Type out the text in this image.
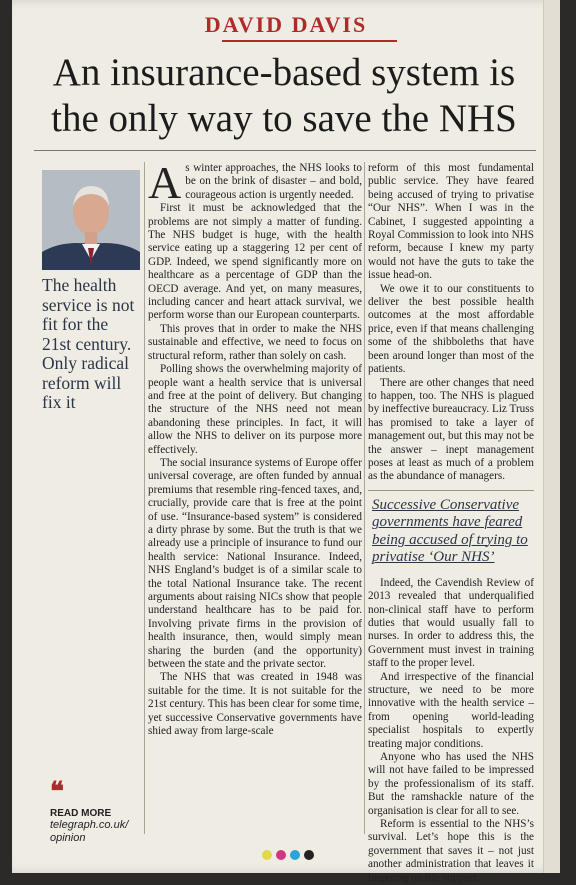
DAVID DAVIS
An insurance-based system is the only way to save the NHS
The health service is not fit for the 21st century. Only radical reform will fix it

As winter approaches, the NHS looks to be on the brink of disaster – and bold, courageous action is urgently needed.

First it must be acknowledged that the problems are not simply a matter of funding. The NHS budget is huge, with the health service eating up a staggering 12 per cent of GDP. Indeed, we spend significantly more on healthcare as a percentage of GDP than the OECD average. And yet, on many measures, including cancer and heart attack survival, we perform worse than our European counterparts.

This proves that in order to make the NHS sustainable and effective, we need to focus on structural reform, rather than solely on cash.

Polling shows the overwhelming majority of people want a health service that is universal and free at the point of delivery. But changing the structure of the NHS need not mean abandoning these principles. In fact, it will allow the NHS to deliver on its purpose more effectively.

The social insurance systems of Europe offer universal coverage, are often funded by annual premiums that resemble ring-fenced taxes, and, crucially, provide care that is free at the point of use. “Insurance-based system” is considered a dirty phrase by some. But the truth is that we already use a principle of insurance to fund our health service: National Insurance. Indeed, NHS England’s budget is of a similar scale to the total National Insurance take. The recent arguments about raising NICs show that people understand healthcare has to be paid for. Involving private firms in the provision of health insurance, then, would simply mean sharing the burden (and the opportunity) between the state and the private sector.

The NHS that was created in 1948 was suitable for the time. It is not suitable for the 21st century. This has been clear for some time, yet successive Conservative governments have shied away from large-scale

reform of this most fundamental public service. They have feared being accused of trying to privatise “Our NHS”. When I was in the Cabinet, I suggested appointing a Royal Commission to look into NHS reform, because I knew my party would not have the guts to take the issue head-on.

We owe it to our constituents to deliver the best possible health outcomes at the most affordable price, even if that means challenging some of the shibboleths that have been around longer than most of the patients.

There are other changes that need to happen, too. The NHS is plagued by ineffective bureaucracy. Liz Truss has promised to take a layer of management out, but this may not be the answer – inept management poses at least as much of a problem as the abundance of managers.

Successive Conservative governments have feared being accused of trying to privatise ‘Our NHS’

Indeed, the Cavendish Review of 2013 revealed that underqualified non-clinical staff have to perform duties that would usually fall to nurses. In order to address this, the Government must invest in training staff to the proper level.

And irrespective of the financial structure, we need to be more innovative with the health service – from opening world-leading specialist hospitals to expertly treating major conditions.

Anyone who has used the NHS will not have failed to be impressed by the professionalism of its staff. But the ramshackle nature of the organisation is clear for all to see.

Reform is essential to the NHS’s survival. Let’s hope this is the government that saves it – not just another administration that leaves it lingering on life support.

❝
READ MORE
telegraph.co.uk/ opinion
